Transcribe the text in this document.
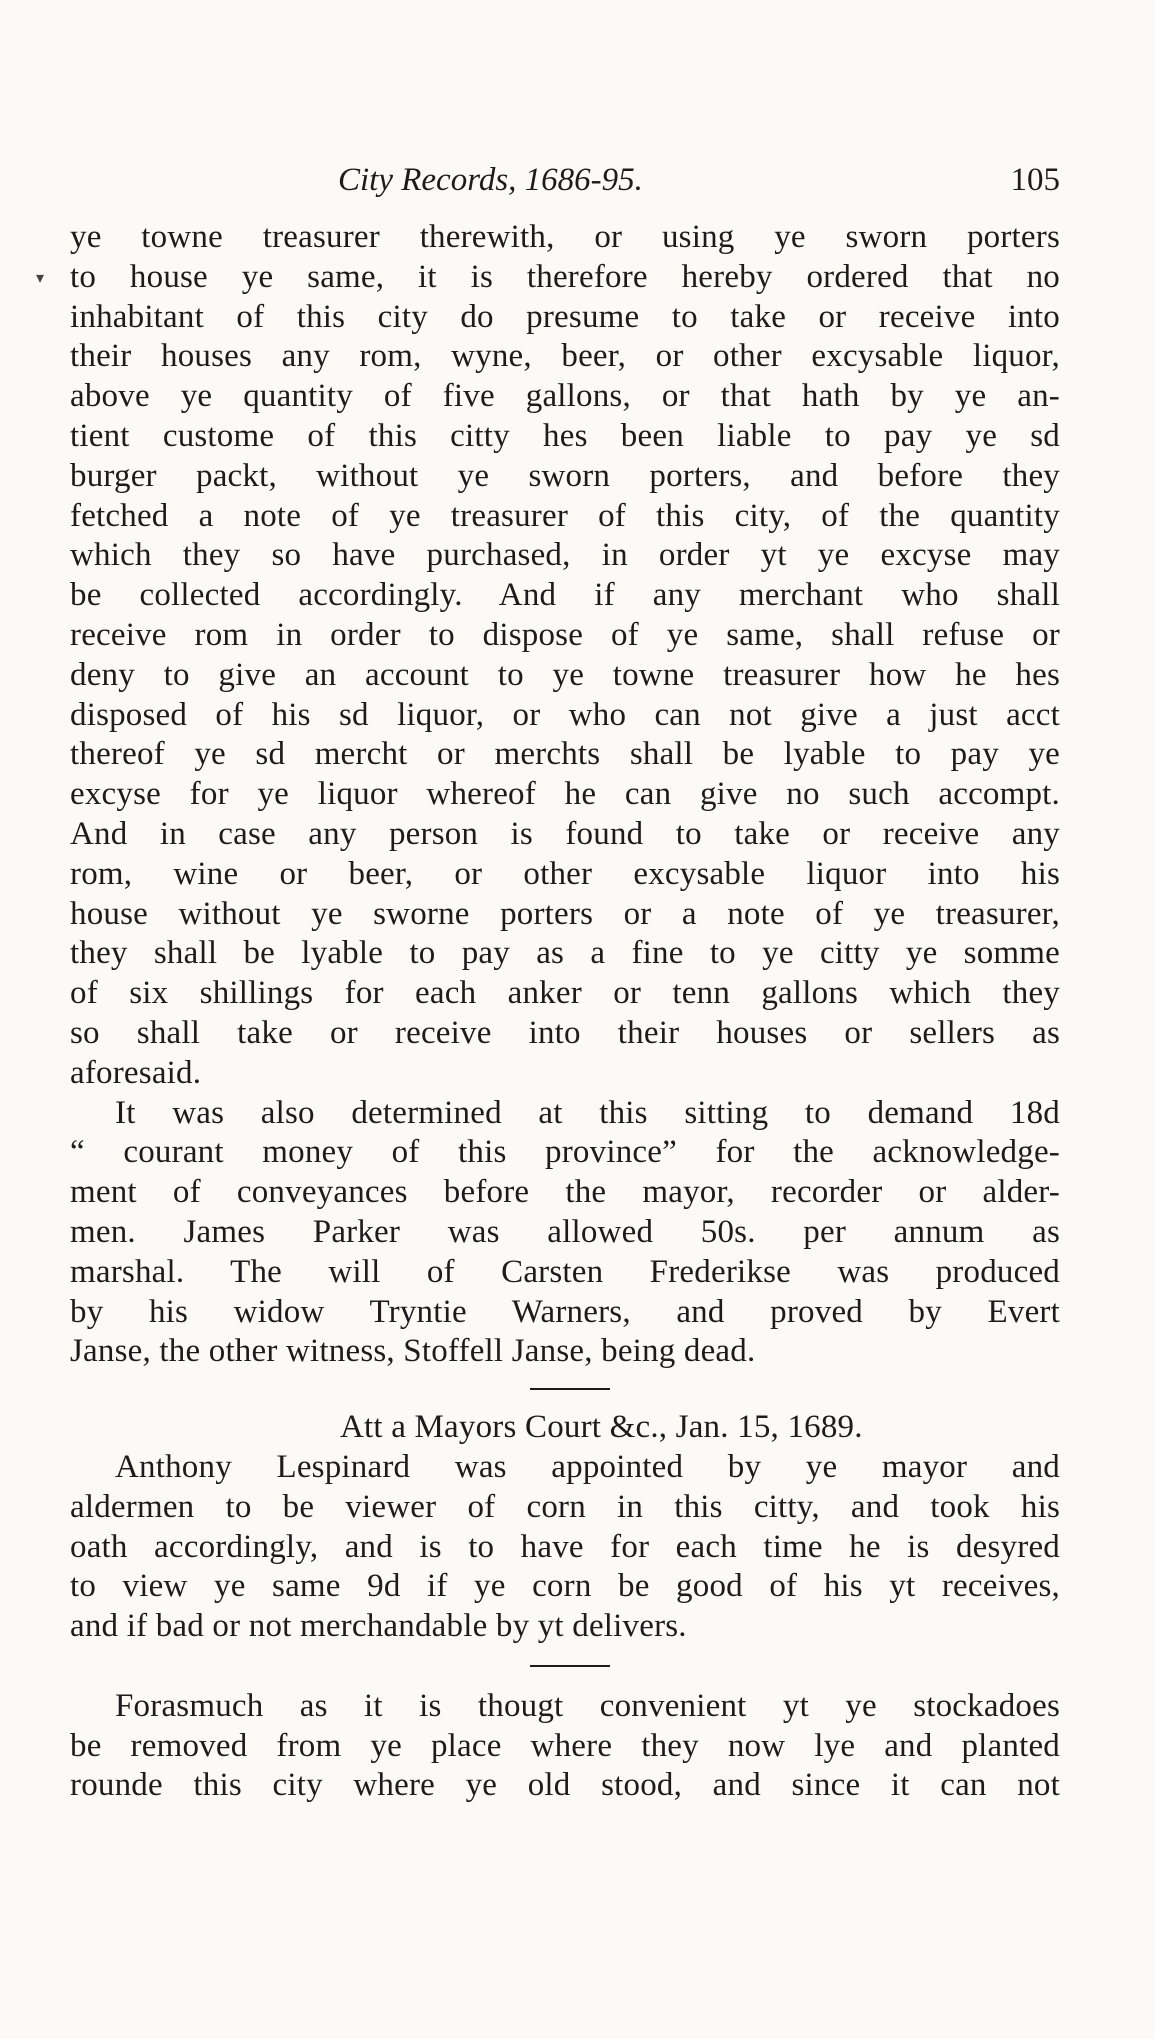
City Records, 1686-95.	105
▾
ye towne treasurer therewith, or using ye sworn porters
to house ye same, it is therefore hereby ordered that no
inhabitant of this city do presume to take or receive into
their houses any rom, wyne, beer, or other excysable liquor,
above ye quantity of five gallons, or that hath by ye an-
tient custome of this citty hes been liable to pay ye sd
burger packt, without ye sworn porters, and before they
fetched a note of ye treasurer of this city, of the quantity
which they so have purchased, in order yt ye excyse may
be collected accordingly. And if any merchant who shall
receive rom in order to dispose of ye same, shall refuse or
deny to give an account to ye towne treasurer how he hes
disposed of his sd liquor, or who can not give a just acct
thereof ye sd mercht or merchts shall be lyable to pay ye
excyse for ye liquor whereof he can give no such accompt.
And in case any person is found to take or receive any
rom, wine or beer, or other excysable liquor into his
house without ye sworne porters or a note of ye treasurer,
they shall be lyable to pay as a fine to ye citty ye somme
of six shillings for each anker or tenn gallons which they
so shall take or receive into their houses or sellers as
aforesaid.
It was also determined at this sitting to demand 18d
“ courant money of this province” for the acknowledge-
ment of conveyances before the mayor, recorder or alder-
men. James Parker was allowed 50s. per annum as
marshal. The will of Carsten Frederikse was produced
by his widow Tryntie Warners, and proved by Evert
Janse, the other witness, Stoffell Janse, being dead.
Att a Mayors Court &c., Jan. 15, 1689.
Anthony Lespinard was appointed by ye mayor and
aldermen to be viewer of corn in this citty, and took his
oath accordingly, and is to have for each time he is desyred
to view ye same 9d if ye corn be good of his yt receives,
and if bad or not merchandable by yt delivers.
Forasmuch as it is thougt convenient yt ye stockadoes
be removed from ye place where they now lye and planted
rounde this city where ye old stood, and since it can not
